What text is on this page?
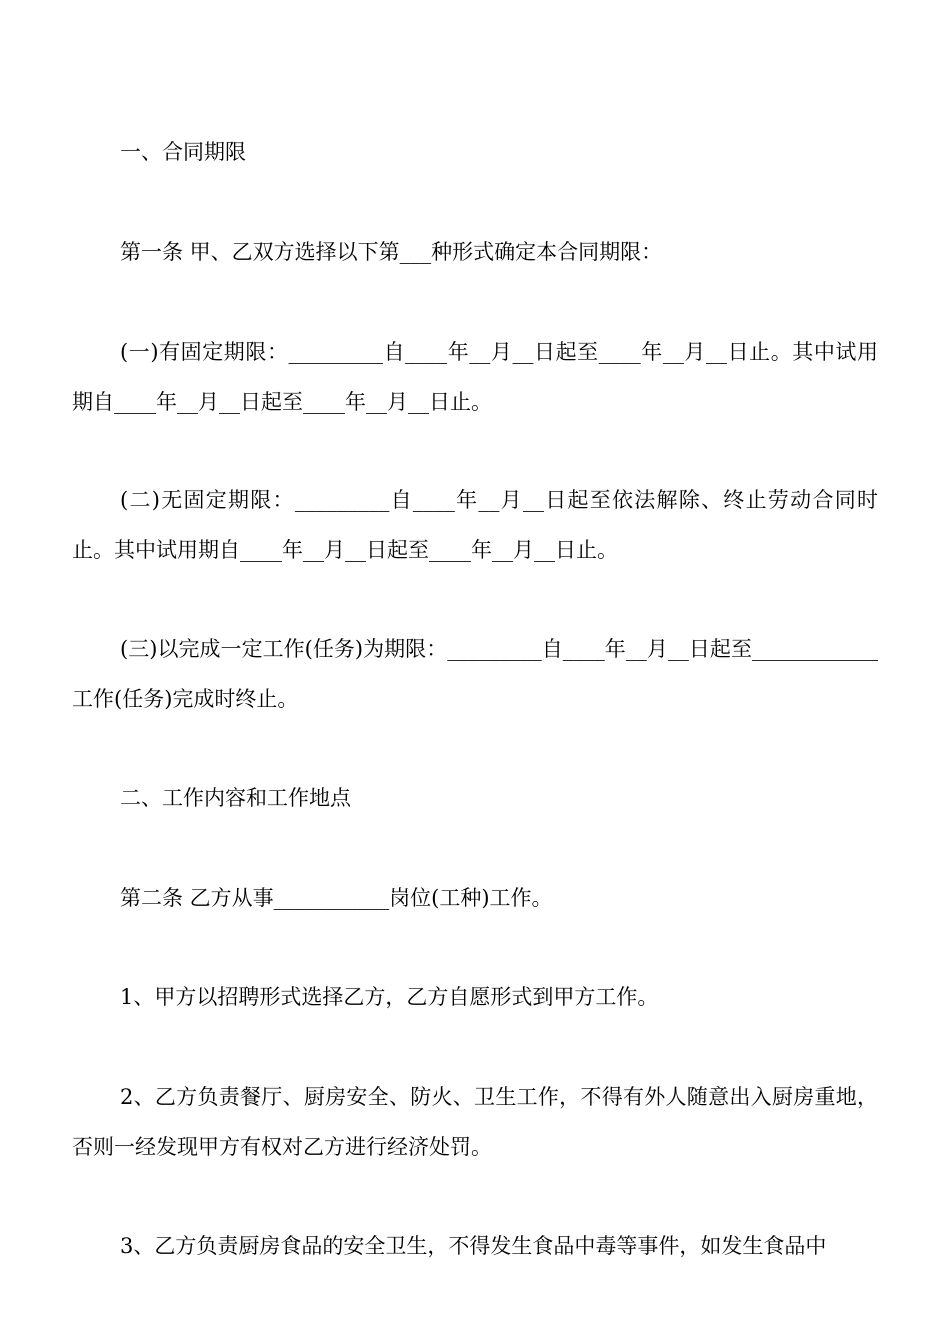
一、合同期限

第一条 甲、乙双方选择以下第___种形式确定本合同期限：

(一)有固定期限：_________自____年__月__日起至____年__月__日止。其中试用期自____年__月__日起至____年__月__日止。

(二)无固定期限：_________自____年__月__日起至依法解除、终止劳动合同时止。其中试用期自____年__月__日起至____年__月__日止。

(三)以完成一定工作(任务)为期限：_________自____年__月__日起至____________工作(任务)完成时终止。

二、工作内容和工作地点

第二条 乙方从事___________岗位(工种)工作。

1、甲方以招聘形式选择乙方，乙方自愿形式到甲方工作。

2、乙方负责餐厅、厨房安全、防火、卫生工作，不得有外人随意出入厨房重地，否则一经发现甲方有权对乙方进行经济处罚。

3、乙方负责厨房食品的安全卫生，不得发生食品中毒等事件，如发生食品中
